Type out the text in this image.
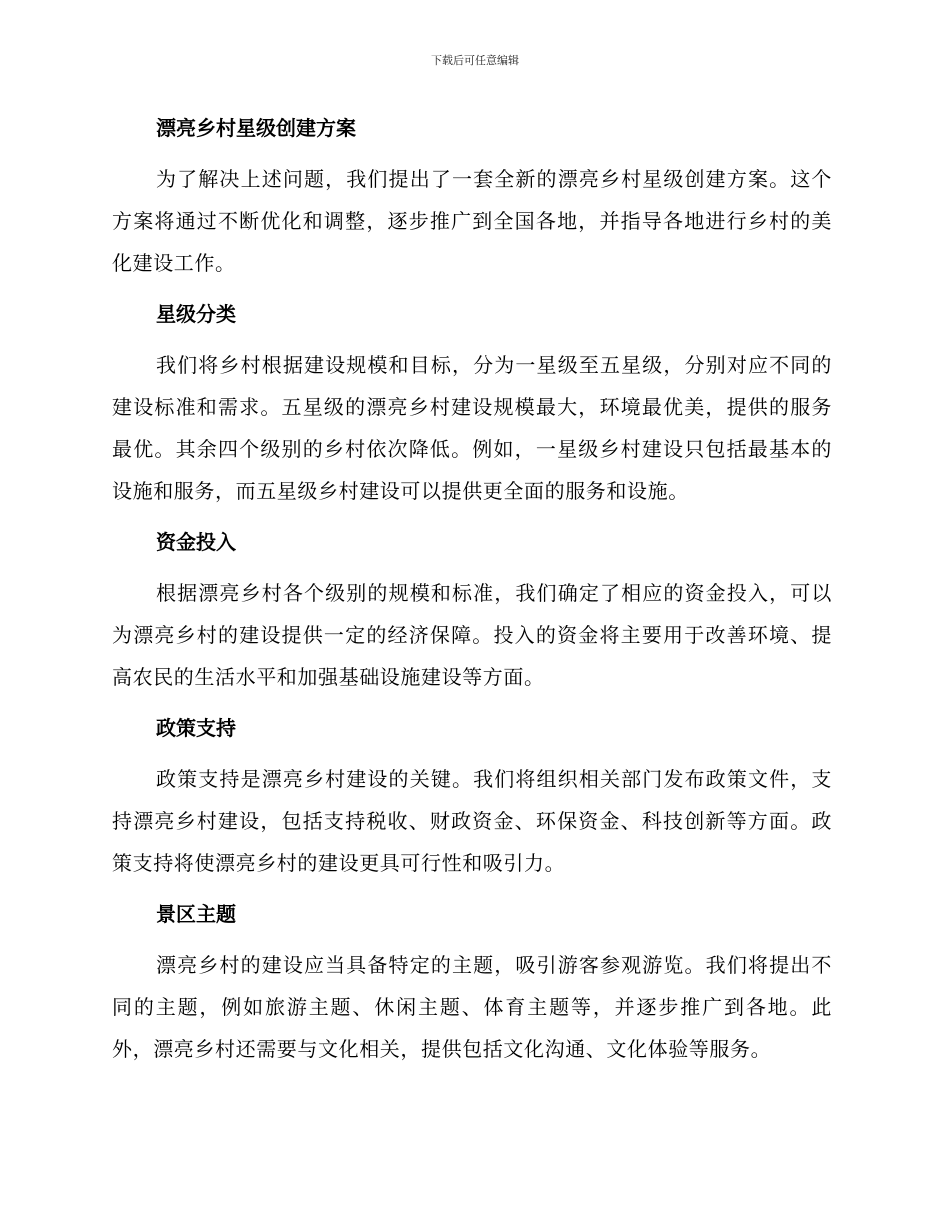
下载后可任意编辑
漂亮乡村星级创建方案

为了解决上述问题，我们提出了一套全新的漂亮乡村星级创建方案。这个方案将通过不断优化和调整，逐步推广到全国各地，并指导各地进行乡村的美化建设工作。

星级分类

我们将乡村根据建设规模和目标，分为一星级至五星级，分别对应不同的建设标准和需求。五星级的漂亮乡村建设规模最大，环境最优美，提供的服务最优。其余四个级别的乡村依次降低。例如，一星级乡村建设只包括最基本的设施和服务，而五星级乡村建设可以提供更全面的服务和设施。

资金投入

根据漂亮乡村各个级别的规模和标准，我们确定了相应的资金投入，可以为漂亮乡村的建设提供一定的经济保障。投入的资金将主要用于改善环境、提高农民的生活水平和加强基础设施建设等方面。

政策支持

政策支持是漂亮乡村建设的关键。我们将组织相关部门发布政策文件，支持漂亮乡村建设，包括支持税收、财政资金、环保资金、科技创新等方面。政策支持将使漂亮乡村的建设更具可行性和吸引力。

景区主题

漂亮乡村的建设应当具备特定的主题，吸引游客参观游览。我们将提出不同的主题，例如旅游主题、休闲主题、体育主题等，并逐步推广到各地。此外，漂亮乡村还需要与文化相关，提供包括文化沟通、文化体验等服务。
